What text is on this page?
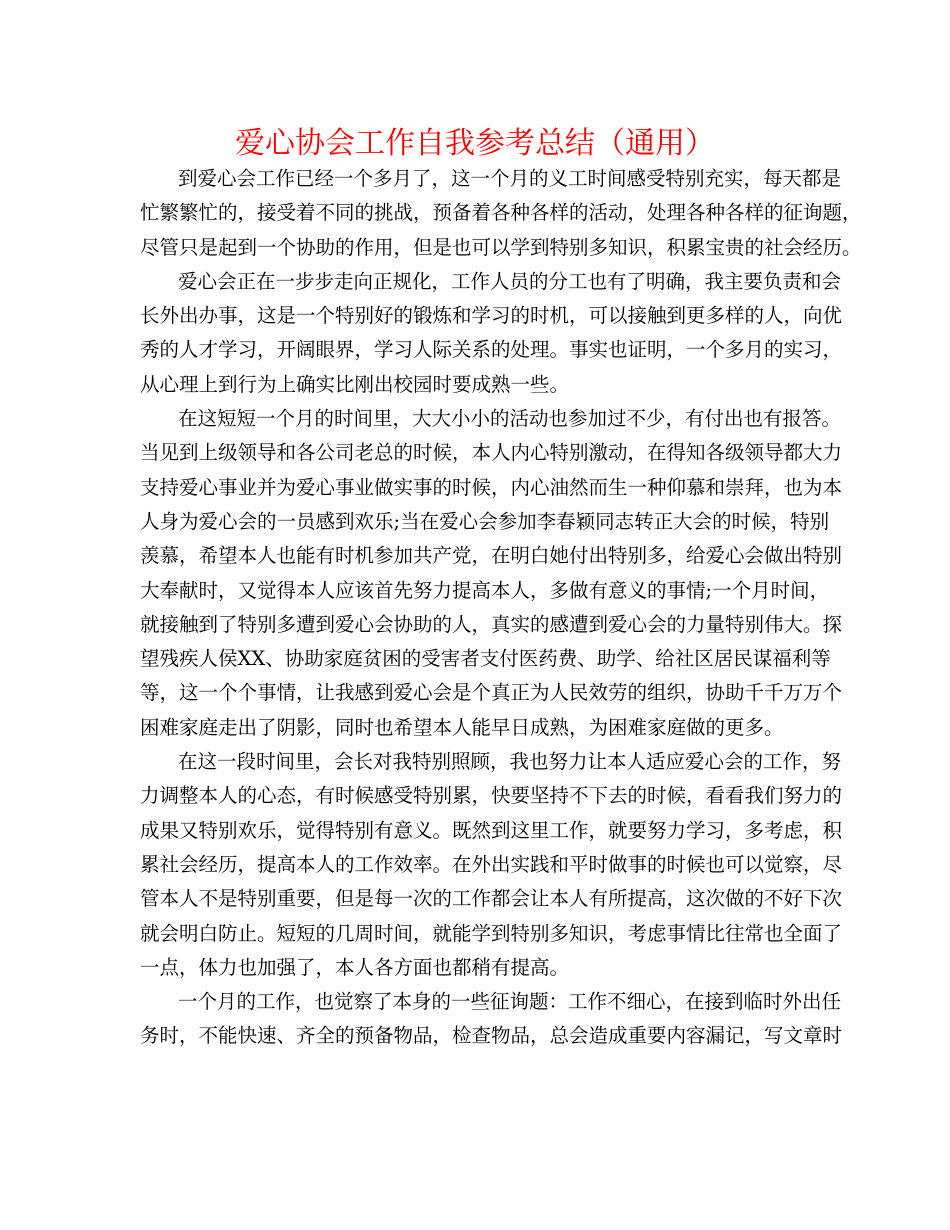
爱心协会工作自我参考总结（通用）
到爱心会工作已经一个多月了，这一个月的义工时间感受特别充实，每天都是
忙繁繁忙的，接受着不同的挑战，预备着各种各样的活动，处理各种各样的征询题，
尽管只是起到一个协助的作用，但是也可以学到特别多知识，积累宝贵的社会经历。
爱心会正在一步步走向正规化，工作人员的分工也有了明确，我主要负责和会
长外出办事，这是一个特别好的锻炼和学习的时机，可以接触到更多样的人，向优
秀的人才学习，开阔眼界，学习人际关系的处理。事实也证明，一个多月的实习，
从心理上到行为上确实比刚出校园时要成熟一些。
在这短短一个月的时间里，大大小小的活动也参加过不少，有付出也有报答。
当见到上级领导和各公司老总的时候，本人内心特别激动，在得知各级领导都大力
支持爱心事业并为爱心事业做实事的时候，内心油然而生一种仰慕和崇拜，也为本
人身为爱心会的一员感到欢乐;当在爱心会参加李春颖同志转正大会的时候，特别
羡慕，希望本人也能有时机参加共产党，在明白她付出特别多，给爱心会做出特别
大奉献时，又觉得本人应该首先努力提高本人，多做有意义的事情;一个月时间，
就接触到了特别多遭到爱心会协助的人，真实的感遭到爱心会的力量特别伟大。探
望残疾人侯XX、协助家庭贫困的受害者支付医药费、助学、给社区居民谋福利等
等，这一个个事情，让我感到爱心会是个真正为人民效劳的组织，协助千千万万个
困难家庭走出了阴影，同时也希望本人能早日成熟，为困难家庭做的更多。
在这一段时间里，会长对我特别照顾，我也努力让本人适应爱心会的工作，努
力调整本人的心态，有时候感受特别累，快要坚持不下去的时候，看看我们努力的
成果又特别欢乐，觉得特别有意义。既然到这里工作，就要努力学习，多考虑，积
累社会经历，提高本人的工作效率。在外出实践和平时做事的时候也可以觉察，尽
管本人不是特别重要，但是每一次的工作都会让本人有所提高，这次做的不好下次
就会明白防止。短短的几周时间，就能学到特别多知识，考虑事情比往常也全面了
一点，体力也加强了，本人各方面也都稍有提高。
一个月的工作，也觉察了本身的一些征询题：工作不细心，在接到临时外出任
务时，不能快速、齐全的预备物品，检查物品，总会造成重要内容漏记，写文章时
